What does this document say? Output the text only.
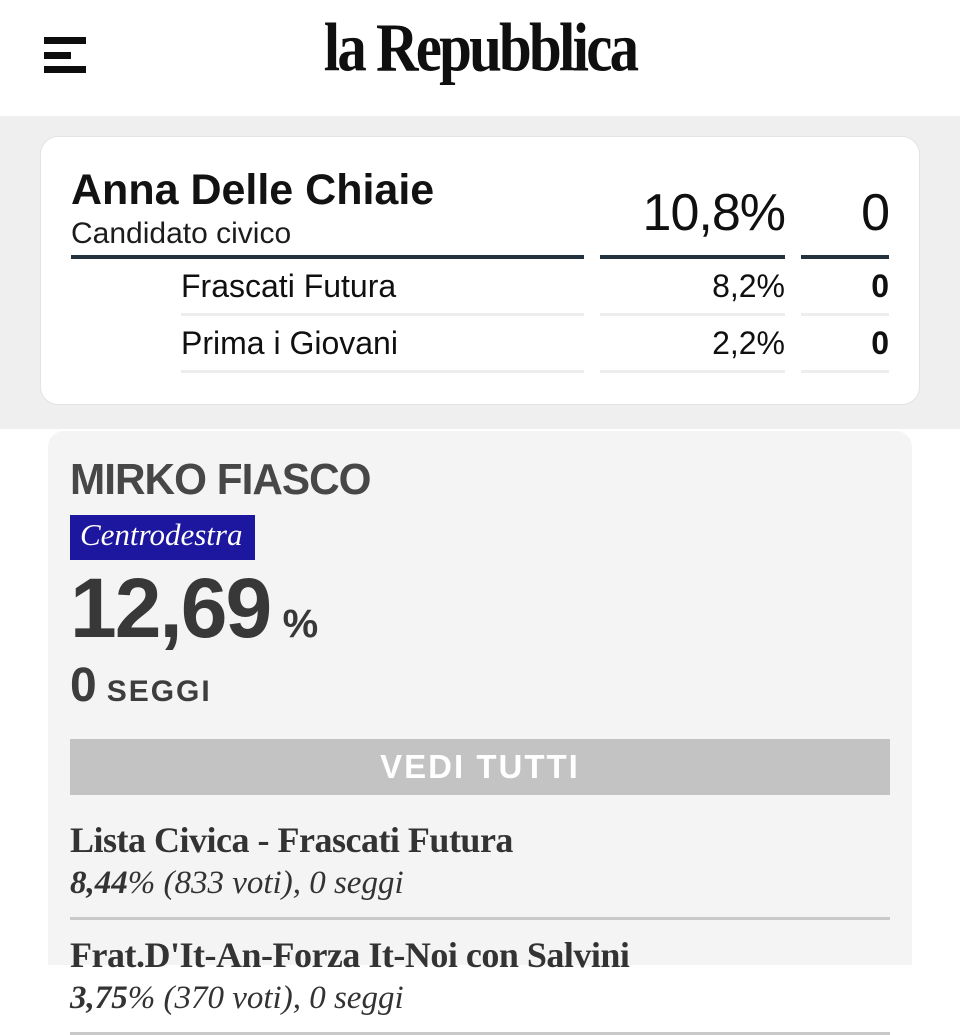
la Repubblica
Anna Delle Chiaie
Candidato civico	10,8%	0
Frascati Futura	8,2%	0
Prima i Giovani	2,2%	0
MIRKO FIASCO
Centrodestra
12,69 %
0 SEGGI
VEDI TUTTI
Lista Civica - Frascati Futura
8,44% (833 voti), 0 seggi
Frat.D'It-An-Forza It-Noi con Salvini
3,75% (370 voti), 0 seggi
